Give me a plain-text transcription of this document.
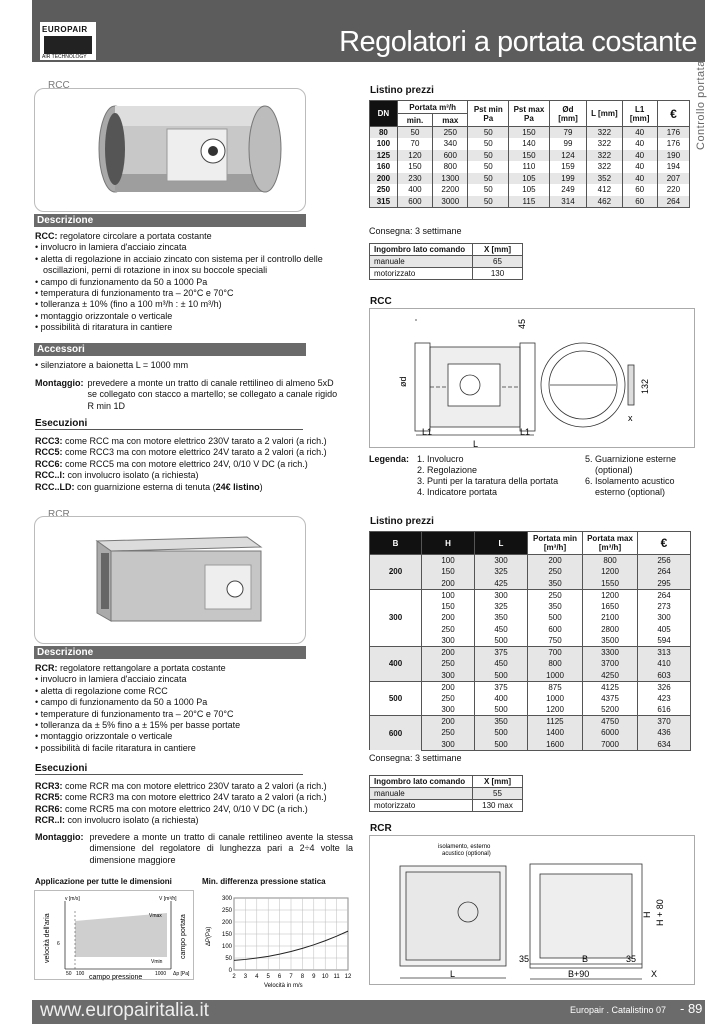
EUROPAIR
AIR TECHNOLOGY	Regolatori a portata costante
Controllo portata
RCC
Descrizione
RCC: regolatore circolare a portata costante
• involucro in lamiera d'acciaio zincata
• aletta di regolazione in acciaio zincato con sistema per il controllo delle oscillazioni, perni di rotazione in inox su boccole speciali
• campo di funzionamento da 50 a 1000 Pa
• temperatura di funzionamento tra – 20°C e 70°C
• tolleranza ± 10% (fino a 100 m³/h : ± 10 m³/h)
• montaggio orizzontale o verticale
• possibilità di ritaratura in cantiere
Accessori
• silenziatore a baionetta L = 1000 mm
Montaggio:	prevedere a monte un tratto di canale rettilineo di almeno 5xD se collegato con stacco a martello; se collegato a canale rigido R min 1D
Esecuzioni
RCC3: come RCC ma con motore elettrico 230V tarato a 2 valori (a rich.)
RCC5: come RCC3 ma con motore elettrico 24V tarato a 2 valori (a rich.)
RCC6: come RCC5 ma con motore elettrico 24V, 0/10 V DC (a rich.)
RCC..I: con involucro isolato (a richiesta)
RCC..LD: con guarnizione esterna di tenuta (24€ listino)
Listino prezzi
DN	Portata m³/h		Pst min Pa	Pst max Pa	Ød [mm]	L [mm]	L1 [mm]	€
	min.	max						
80	50	250	50	150	79	322	40	176
100	70	340	50	140	99	322	40	176
125	120	600	50	150	124	322	40	190
160	150	800	50	110	159	322	40	194
200	230	1300	50	105	199	352	40	207
250	400	2200	50	105	249	412	60	220
315	600	3000	50	115	314	462	60	264
Consegna: 3 settimane
Ingombro lato comando	X [mm]
manuale	65
motorizzato	130
RCC
ød
L
L1	L1
45
132
x
Legenda:	1. Involucro
2. Regolazione
3. Punti per la taratura della portata
4. Indicatore portata

5. Guarnizione esterne
(optional)
6. Isolamento acustico
esterno (optional)
RCR
Descrizione
RCR: regolatore rettangolare a portata costante
• involucro in lamiera d'acciaio zincata
• aletta di regolazione come RCC
• campo di funzionamento da 50 a 1000 Pa
• temperature di funzionamento tra – 20°C e 70°C
• tolleranza da ± 5% fino a ± 15% per basse portate
• montaggio orizzontale o verticale
• possibilità di facile ritaratura in cantiere
Esecuzioni
RCR3: come RCR ma con motore elettrico 230V tarato a 2 valori (a rich.)
RCR5: come RCR3 ma con motore elettrico 24V tarato a 2 valori (a rich.)
RCR6: come RCR5 ma con motore elettrico 24V, 0/10 V DC (a rich.)
RCR..I: con involucro isolato (a richiesta)
Montaggio:	prevedere a monte un tratto di canale rettilineo avente la stessa dimensione del regolatore di lunghezza pari a 2÷4 volte la dimensione maggiore
Applicazione per tutte le dimensioni	Min. differenza pressione statica
v [m/s]	V [m³/h]
Vmax
Vmin
6
50 100	1000 Δp [Pa]
campo pressione
velocità dell'aria	campo portata	ΔP(Pa)
Velocità in m/s
0
50
100
150
200
250
300
2 3 4 5 6 7 8 9 10 11 12
Listino prezzi
B	H	L	Portata min [m³/h]	Portata max [m³/h]	€
200	100	300	200	800	256
	150	325	250	1200	264
	200	425	350	1550	295
300	100	300	250	1200	264
	150	325	350	1650	273
	200	350	500	2100	300
	250	450	600	2800	405
	300	500	750	3500	594
400	200	375	700	3300	313
	250	450	800	3700	410
	300	500	1000	4250	603
500	200	375	875	4125	326
	250	400	1000	4375	423
	300	500	1200	5200	616
600	200	350	1125	4750	370
	250	500	1400	6000	436
	300	500	1600	7000	634
Consegna: 3 settimane
Ingombro lato comando	X [mm]
manuale	55
motorizzato	130 max
RCR
isolamento, esterno
acustico (optional)
H H + 80
35	35
B
B+90
L	X
www.europairitalia.it	Europair . Catalistino 07 - 89
